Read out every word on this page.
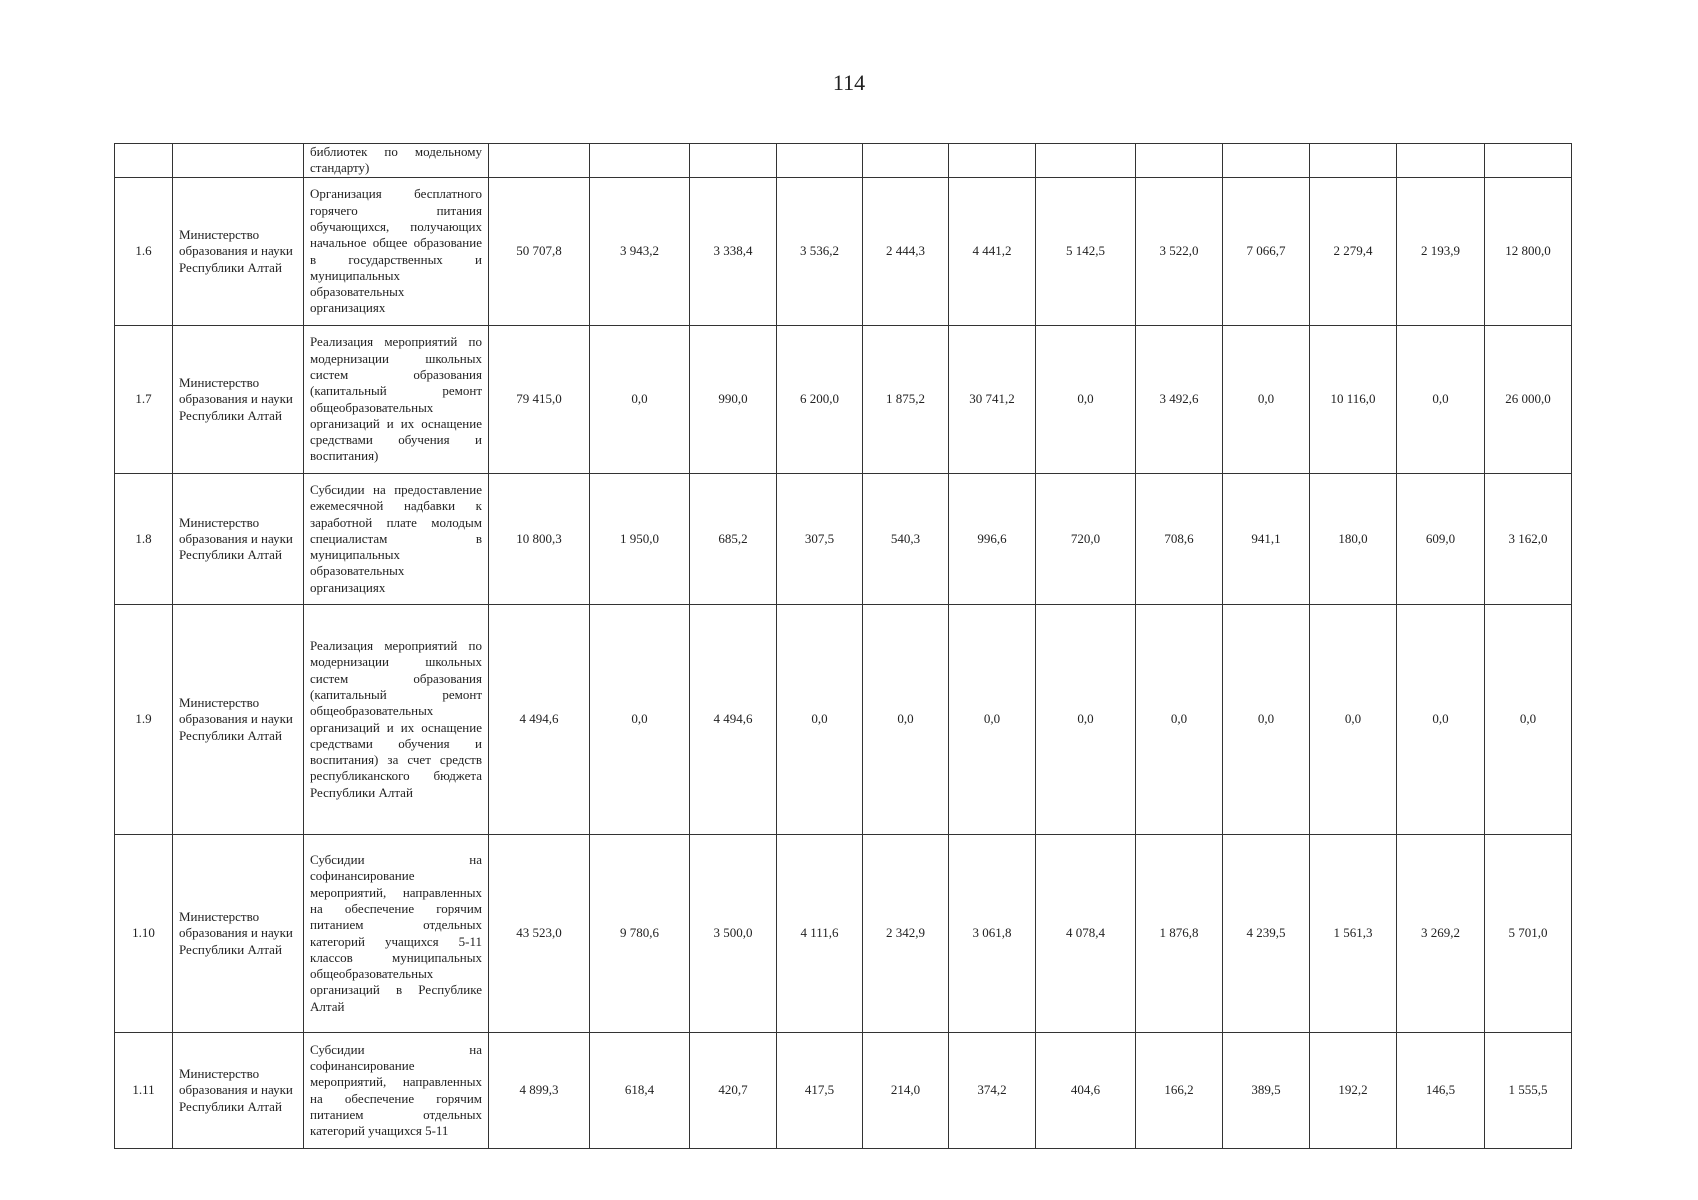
114
		библиотек по модельному стандарту)												
1.6	Министерство образования и науки Республики Алтай	Организация бесплатного горячего питания обучающихся, получающих начальное общее образование в государственных и муниципальных образовательных организациях	50 707,8	3 943,2	3 338,4	3 536,2	2 444,3	4 441,2	5 142,5	3 522,0	7 066,7	2 279,4	2 193,9	12 800,0
1.7	Министерство образования и науки Республики Алтай	Реализация мероприятий по модернизации школьных систем образования (капитальный ремонт общеобразовательных организаций и их оснащение средствами обучения и воспитания)	79 415,0	0,0	990,0	6 200,0	1 875,2	30 741,2	0,0	3 492,6	0,0	10 116,0	0,0	26 000,0
1.8	Министерство образования и науки Республики Алтай	Субсидии на предоставление ежемесячной надбавки к заработной плате молодым специалистам в муниципальных образовательных организациях	10 800,3	1 950,0	685,2	307,5	540,3	996,6	720,0	708,6	941,1	180,0	609,0	3 162,0
1.9	Министерство образования и науки Республики Алтай	Реализация мероприятий по модернизации школьных систем образования (капитальный ремонт общеобразовательных организаций и их оснащение средствами обучения и воспитания) за счет средств республиканского бюджета Республики Алтай	4 494,6	0,0	4 494,6	0,0	0,0	0,0	0,0	0,0	0,0	0,0	0,0	0,0
1.10	Министерство образования и науки Республики Алтай	Субсидии на софинансирование мероприятий, направленных на обеспечение горячим питанием отдельных категорий учащихся 5-11 классов муниципальных общеобразовательных организаций в Республике Алтай	43 523,0	9 780,6	3 500,0	4 111,6	2 342,9	3 061,8	4 078,4	1 876,8	4 239,5	1 561,3	3 269,2	5 701,0
1.11	Министерство образования и науки Республики Алтай	Субсидии на софинансирование мероприятий, направленных на обеспечение горячим питанием отдельных категорий учащихся 5-11	4 899,3	618,4	420,7	417,5	214,0	374,2	404,6	166,2	389,5	192,2	146,5	1 555,5
